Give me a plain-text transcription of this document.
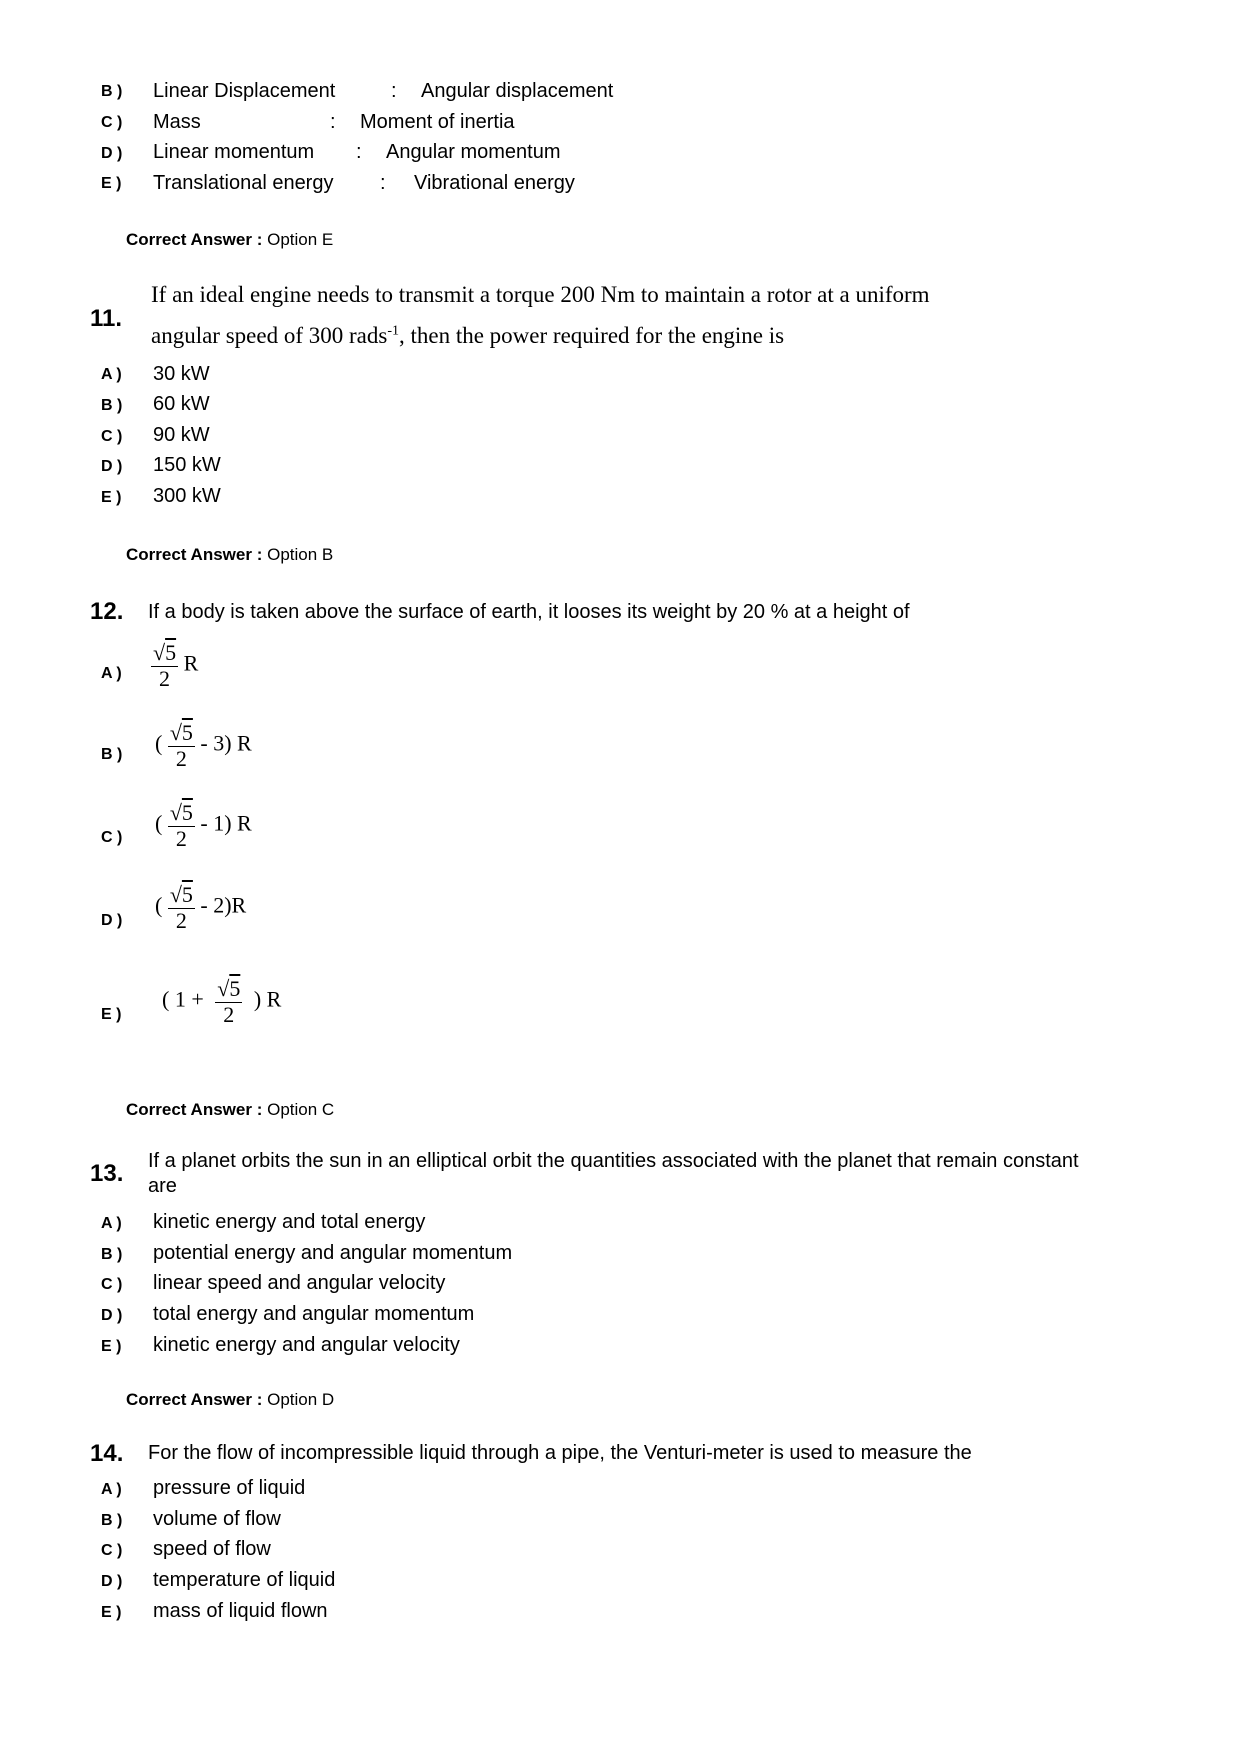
B ) Linear Displacement	: Angular displacement
C ) Mass	: Moment of inertia
D ) Linear momentum : Angular momentum
E ) Translational energy : Vibrational energy
Correct Answer : Option E
11.
If an ideal engine needs to transmit a torque 200 Nm to maintain a rotor at a uniform
angular speed of 300 rads$^{-1}$, then the power required for the engine is
A ) 30 kW
B ) 60 kW
C ) 90 kW
D ) 150 kW
E ) 300 kW
Correct Answer : Option B
12. If a body is taken above the surface of earth, it looses its weight by 20 % at a height of
A ) $\frac{√5}{2}$ R
B ) ( $\frac{√5}{2} - 3$) R
C )
( $\frac{√5}{2} - 1$) R
D )
( $\frac{√5}{2} - 2)R$
E )
( $1 + \frac{√5}{2}$ ) R
Correct Answer : Option C
13. If a planet orbits the sun in an elliptical orbit the quantities associated with the planet that remain constant
are
A ) kinetic energy and total energy
B ) potential energy and angular momentum
C ) linear speed and angular velocity
D ) total energy and angular momentum
E ) kinetic energy and angular velocity
Correct Answer : Option D
14. For the flow of incompressible liquid through a pipe, the Venturi-meter is used to measure the
A ) pressure of liquid
B ) volume of flow
C ) speed of flow
D ) temperature of liquid
E ) mass of liquid flown
